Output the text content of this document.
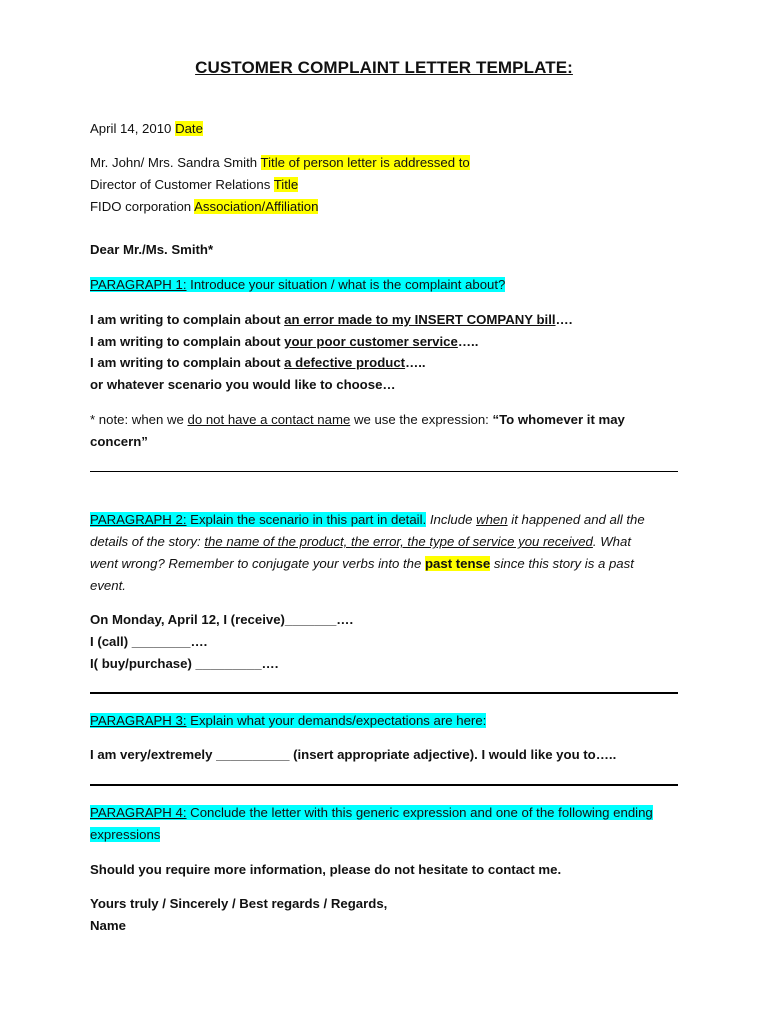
CUSTOMER COMPLAINT LETTER TEMPLATE:
April 14, 2010 Date
Mr. John/ Mrs. Sandra Smith Title of person letter is addressed to
Director of Customer Relations Title
FIDO corporation Association/Affiliation
Dear Mr./Ms. Smith*
PARAGRAPH 1: Introduce your situation / what is the complaint about?
I am writing to complain about an error made to my INSERT COMPANY bill….
I am writing to complain about your poor customer service…..
I am writing to complain about a defective product…..
or whatever scenario you would like to choose…
* note: when we do not have a contact name we use the expression: “To whomever it may
concern”
PARAGRAPH 2: Explain the scenario in this part in detail. Include when it happened and all the
details of the story: the name of the product, the error, the type of service you received. What
went wrong? Remember to conjugate your verbs into the past tense since this story is a past
event.
On Monday, April 12, I (receive)_______….
I (call) ________….
I( buy/purchase) _________….
PARAGRAPH 3: Explain what your demands/expectations are here:
I am very/extremely __________ (insert appropriate adjective). I would like you to…..
PARAGRAPH 4: Conclude the letter with this generic expression and one of the following ending
expressions
Should you require more information, please do not hesitate to contact me.
Yours truly / Sincerely / Best regards / Regards,
Name
